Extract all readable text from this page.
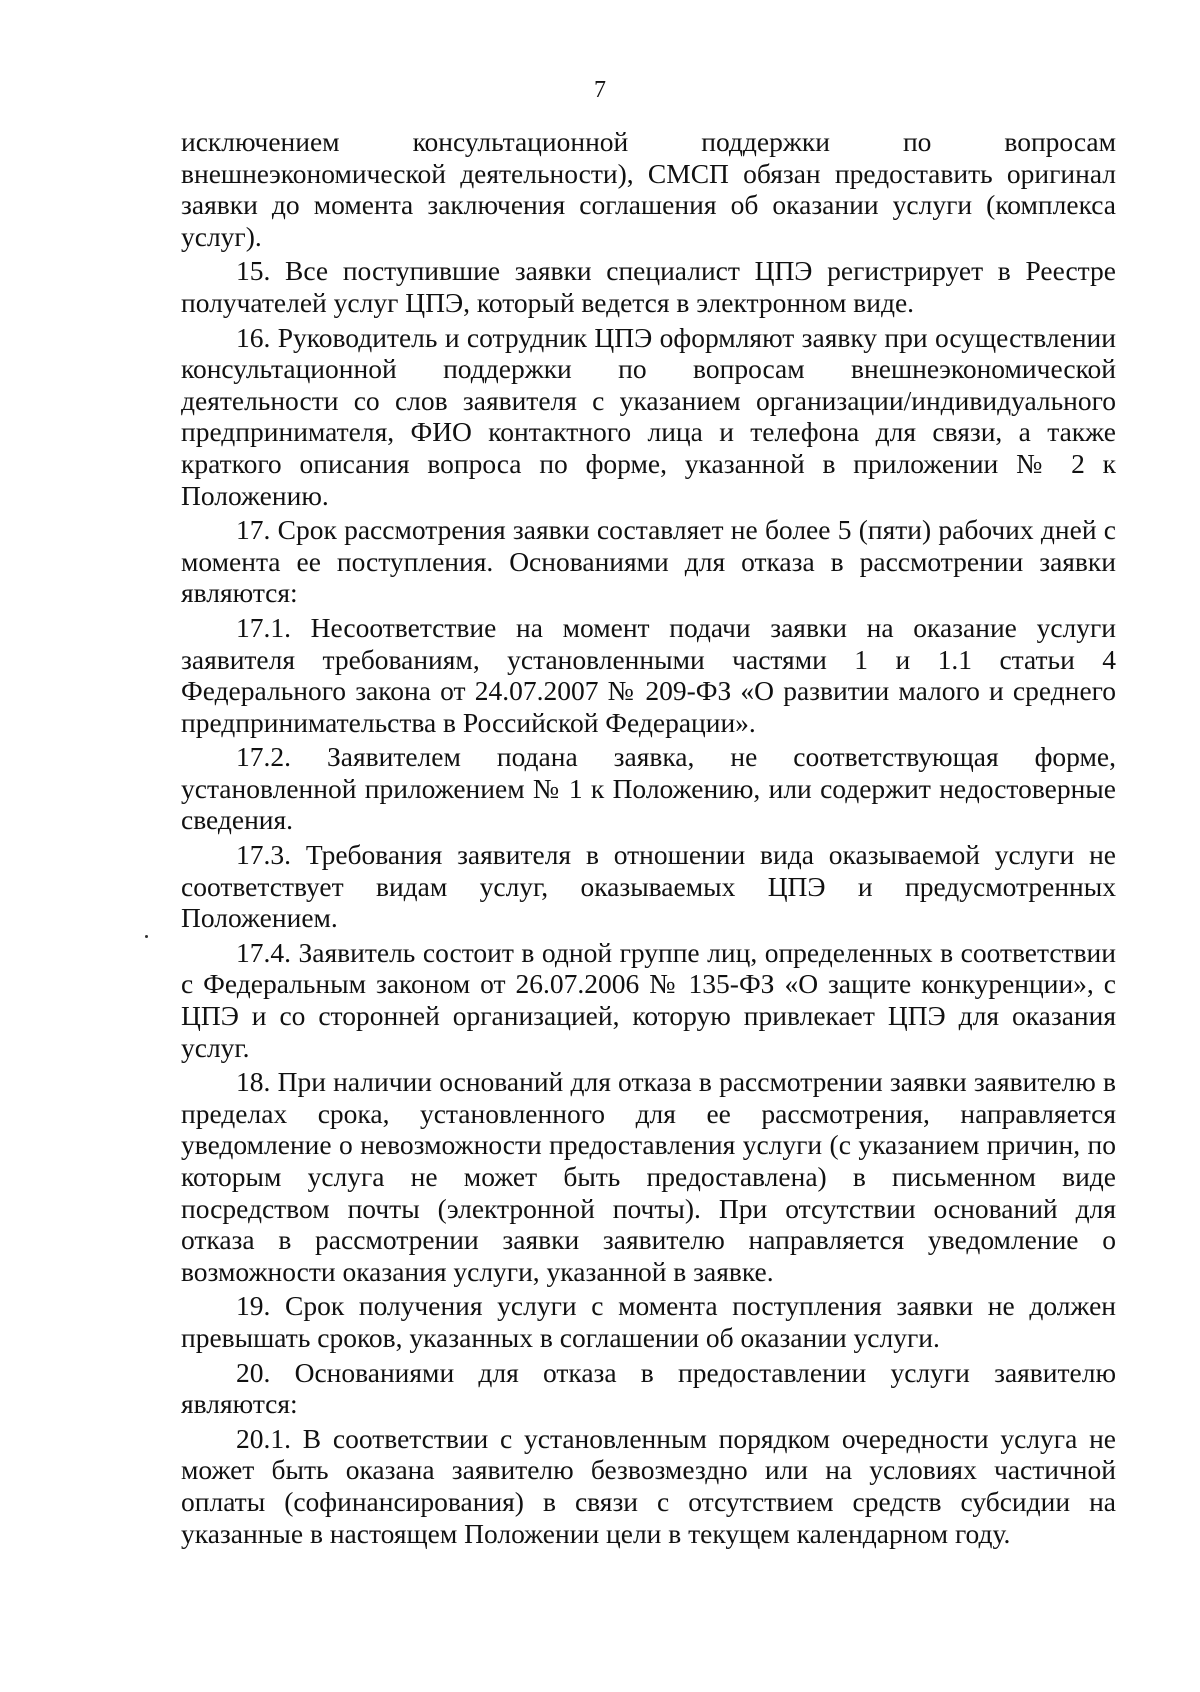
7

исключением консультационной поддержки по вопросам внешнеэкономической деятельности), СМСП обязан предоставить оригинал заявки до момента заключения соглашения об оказании услуги (комплекса услуг).

15. Все поступившие заявки специалист ЦПЭ регистрирует в Реестре получателей услуг ЦПЭ, который ведется в электронном виде.

16. Руководитель и сотрудник ЦПЭ оформляют заявку при осуществлении консультационной поддержки по вопросам внешнеэкономической деятельности со слов заявителя с указанием организации/индивидуального предпринимателя, ФИО контактного лица и телефона для связи, а также краткого описания вопроса по форме, указанной в приложении № 2 к Положению.

17. Срок рассмотрения заявки составляет не более 5 (пяти) рабочих дней с момента ее поступления. Основаниями для отказа в рассмотрении заявки являются:

17.1. Несоответствие на момент подачи заявки на оказание услуги заявителя требованиям, установленными частями 1 и 1.1 статьи 4 Федерального закона от 24.07.2007 № 209-ФЗ «О развитии малого и среднего предпринимательства в Российской Федерации».

17.2. Заявителем подана заявка, не соответствующая форме, установленной приложением № 1 к Положению, или содержит недостоверные сведения.

17.3. Требования заявителя в отношении вида оказываемой услуги не соответствует видам услуг, оказываемых ЦПЭ и предусмотренных Положением.

17.4. Заявитель состоит в одной группе лиц, определенных в соответствии с Федеральным законом от 26.07.2006 № 135-ФЗ «О защите конкуренции», с ЦПЭ и со сторонней организацией, которую привлекает ЦПЭ для оказания услуг.

18. При наличии оснований для отказа в рассмотрении заявки заявителю в пределах срока, установленного для ее рассмотрения, направляется уведомление о невозможности предоставления услуги (с указанием причин, по которым услуга не может быть предоставлена) в письменном виде посредством почты (электронной почты). При отсутствии оснований для отказа в рассмотрении заявки заявителю направляется уведомление о возможности оказания услуги, указанной в заявке.

19. Срок получения услуги с момента поступления заявки не должен превышать сроков, указанных в соглашении об оказании услуги.

20. Основаниями для отказа в предоставлении услуги заявителю являются:

20.1. В соответствии с установленным порядком очередности услуга не может быть оказана заявителю безвозмездно или на условиях частичной оплаты (софинансирования) в связи с отсутствием средств субсидии на указанные в настоящем Положении цели в текущем календарном году.
